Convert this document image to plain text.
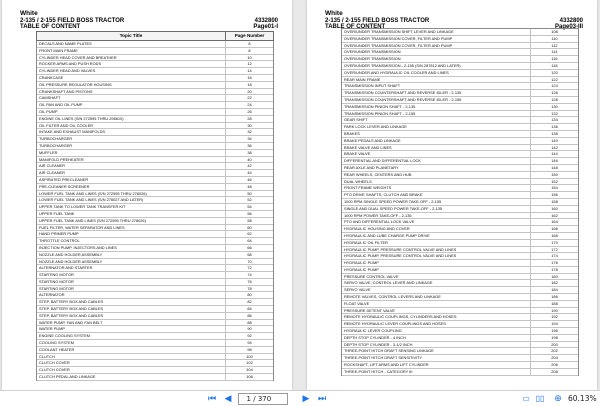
White
2-135 / 2-155 FIELD BOSS TRACTOR	4332800
TABLE OF CONTENT	Page01-I
Topic Title	Page Number
DECALS AND NAME PLATES	8
FRONT MAIN FRAME	8
CYLINDER HEAD COVER AND BREATHER	10
ROCKER ARMS AND PUSH RODS	12
CYLINDER HEAD AND VALVES	14
CRANKCASE	16
OIL PRESSURE REGULATOR HOUSING	18
CRANKSHAFT AND PISTONS	20
CAMSHAFT	22
OIL PAN AND OIL PUMP	24
OIL PUMP	26
ENGINE OIL LINES (S/N 272595 THRU 296610)	28
OIL FILTER AND OIL COOLER	30
INTAKE AND EXHAUST MANIFOLDS	32
TURBOCHARGER	34
TURBOCHARGER	36
MUFFLER	38
MANIFOLD PREHEATER	40
AIR CLEANER	42
AIR CLEANER	44
ASPIRATED PRECLEANER	46
PRE-CLEANER SCREENER	48
LOWER FUEL TANK AND LINES (S/N 272595 THRU 278026)	50
LOWER FUEL TANK AND LINES (S/N 278027 AND LATER)	52
UPPER TANK TO LOWER TANK TRANSFER KIT	54
UPPER FUEL TANK	56
UPPER FUEL TANK AND LINES (S/N 272595 THRU 278026)	58
FUEL FILTER, WATER SEPARATOR AND LINES	60
HAND PRIMER PUMP	62
THROTTLE CONTROL	64
INJECTION PUMP, INJECTORS AND LINES	66
NOZZLE AND HOLDER ASSEMBLY	68
NOZZLE AND HOLDER ASSEMBLY	70
ALTERNATOR AND STARTER	72
STARTING MOTOR	74
STARTING MOTOR	76
STARTING MOTOR	78
ALTERNATOR	80
STEP, BATTERY BOX AND CABLES	82
STEP, BATTERY BOX AND CABLES	84
STEP, BATTERY BOX AND CABLES	86
WATER PUMP, FAN AND FAN BELT	88
WATER PUMP	90
ENGINE COOLING SYSTEM	92
COOLING SYSTEM	94
COOLANT HEATER	98
CLUTCH	100
CLUTCH COVER	102
CLUTCH COVER	104
CLUTCH PEDAL AND LINKAGE	106
White
2-135 / 2-155 FIELD BOSS TRACTOR	4332800
TABLE OF CONTENT	Page03-III
OVER/UNDER TRANSMISSION SHIFT LEVER AND LINKAGE	108
OVER/UNDER TRANSMISSION COVER, FILTER AND PUMP	110
OVER/UNDER TRANSMISSION COVER, FILTER AND PUMP	112
OVER/UNDER TRANSMISSION	114
OVER/UNDER TRANSMISSION	116
OVER/UNDER TRANSMISSION - 2-155 (S/N 287812 AND LATER)	118
OVER/UNDER AND HYDRAULIC OIL COOLER AND LINES	120
REAR MAIN FRAME	122
TRANSMISSION INPUT SHAFT	124
TRANSMISSION COUNTERSHAFT AND REVERSE IDLER - 2-135	126
TRANSMISSION COUNTERSHAFT AND REVERSE IDLER - 2-155	128
TRANSMISSION PINION SHAFT - 2-135	130
TRANSMISSION PINION SHAFT - 2-155	132
GEAR SHIFT	134
PARK LOCK LEVER AND LINKAGE	136
BRAKES	138
BRAKE PEDALS AND LINKAGE	140
BRAKE VALVE AND LINES	142
BRAKE VALVE	144
DIFFERENTIAL AND DIFFERENTIAL LOCK	146
REAR AXLE AND PLANETARY	148
REAR WHEELS, CENTERS AND HUB	150
DUAL WHEELS	152
FRONT FRAME WEIGHTS	154
PTO DRIVE SHAFTS, CLUTCH AND BRAKE	156
1000 RPM SINGLE SPEED POWER TAKE-OFF - 2-155	158
SINGLE AND DUAL SPEED POWER TAKE-OFF - 2-135	160
1000 RPM POWER TAKE-OFF - 2-135	162
PTO AND DIFFERENTIAL LOCK VALVE	164
HYDRAULIC HOUSING AND COVER	166
HYDRAULIC AND LUBE CHARGE PUMP DRIVE	168
HYDRAULIC OIL FILTER	170
HYDRAULIC PUMP, PRESSURE CONTROL VALVE AND LINES	172
HYDRAULIC PUMP, PRESSURE CONTROL VALVE AND LINES	174
HYDRAULIC PUMP	176
HYDRAULIC PUMP	178
PRESSURE CONTROL VALVE	180
SERVO VALVE, CONTROL LEVER AND LINKAGE	182
SERVO VALVE	184
REMOTE VALVES, CONTROL LEVERS AND LINKAGE	186
FLOAT VALVE	188
PRESSURE DETENT VALVE	190
REMOTE HYDRAULIC COUPLINGS, CYLINDERS AND HOSES	192
REMOTE HYDRAULIC LEVER COUPLINGS AND HOSES	194
HYDRAULIC LEVER COUPLING	196
DEPTH STOP CYLINDER - 4 INCH	198
DEPTH STOP CYLINDER - 3-1/2 INCH	200
THREE-POINT HITCH DRAFT SENSING LINKAGE	202
THREE-POINT HITCH DRAFT SENSITIVITY	204
ROCKSHAFT, LIFT ARMS AND LIFT CYLINDER	206
THREE-POINT HITCH - CATEGORY III	208
⏮ ◀	1 / 370	▶ ⏭	▭ ▯▯ ⊕ 60.13%
